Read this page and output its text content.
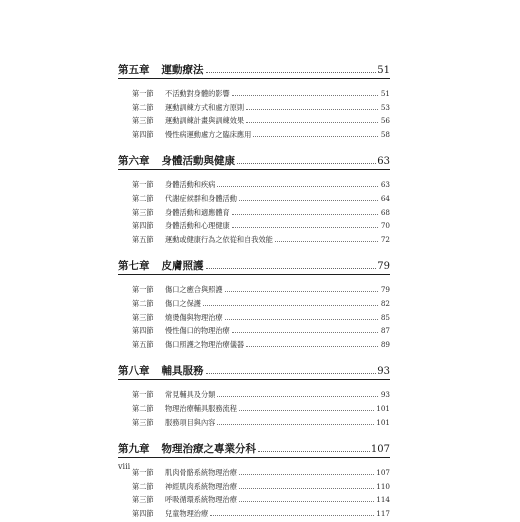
第五章 運動療法	51
第一節	不活動對身體的影響	51
第二節	運動訓練方式和處方原則	53
第三節	運動訓練計畫與訓練效果	56
第四節	慢性病運動處方之臨床應用	58
第六章 身體活動與健康	63
第一節	身體活動和疾病	63
第二節	代謝症候群和身體活動	64
第三節	身體活動和適應體育	68
第四節	身體活動和心理健康	70
第五節	運動或健康行為之依從和自我效能	72
第七章 皮膚照護	79
第一節	傷口之癒合與照護	79
第二節	傷口之保護	82
第三節	燒燙傷與物理治療	85
第四節	慢性傷口的物理治療	87
第五節	傷口照護之物理治療儀器	89
第八章 輔具服務	93
第一節	常見輔具及分類	93
第二節	物理治療輔具服務流程	101
第三節	服務項目與內容	101
第九章 物理治療之專業分科	107
第一節	肌肉骨骼系統物理治療	107
第二節	神經肌肉系統物理治療	110
第三節	呼吸循環系統物理治療	114
第四節	兒童物理治療	117
viii
